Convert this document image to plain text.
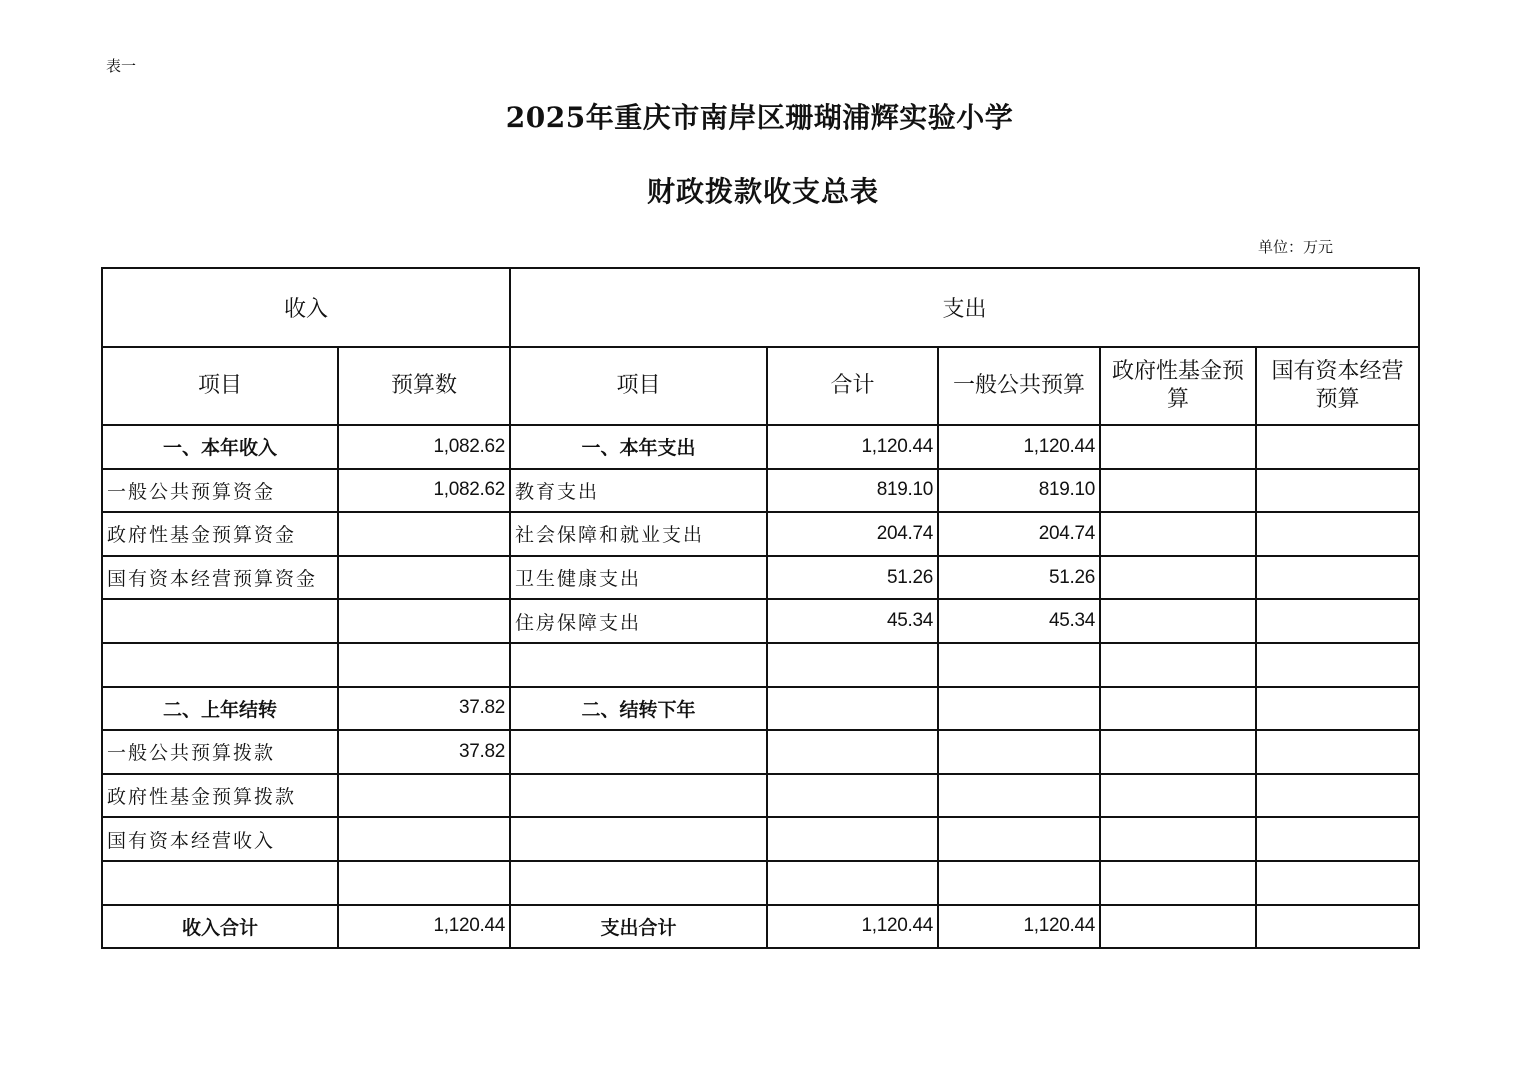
表一
2025年重庆市南岸区珊瑚浦辉实验小学
财政拨款收支总表
单位：万元
收入		支出				
项目	预算数	项目	合计	一般公共预算	政府性基金预算	国有资本经营预算
一、本年收入	1,082.62	一、本年支出	1,120.44	1,120.44		
一般公共预算资金	1,082.62	教育支出	819.10	819.10		
政府性基金预算资金		社会保障和就业支出	204.74	204.74		
国有资本经营预算资金		卫生健康支出	51.26	51.26		
		住房保障支出	45.34	45.34		

二、上年结转	37.82	二、结转下年				
一般公共预算拨款	37.82					
政府性基金预算拨款						
国有资本经营收入						

收入合计	1,120.44	支出合计	1,120.44	1,120.44		
